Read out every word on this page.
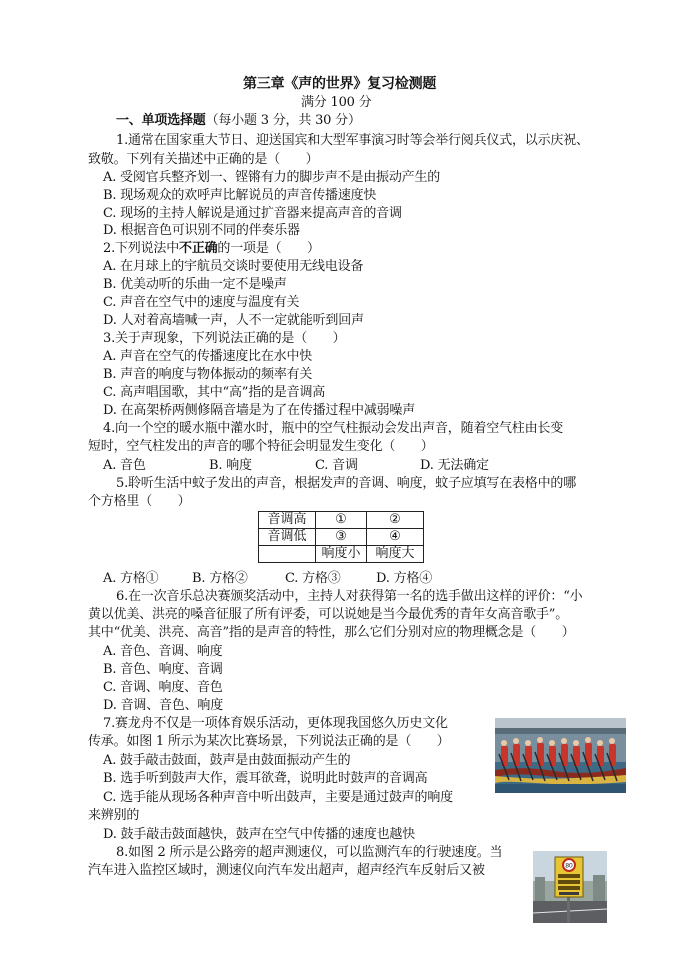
第三章《声的世界》复习检测题
满分 100 分
一、单项选择题（每小题 3 分，共 30 分）
1.通常在国家重大节日、迎送国宾和大型军事演习时等会举行阅兵仪式，以示庆祝、
致敬。下列有关描述中正确的是（　　）
A. 受阅官兵整齐划一、铿锵有力的脚步声不是由振动产生的
B. 现场观众的欢呼声比解说员的声音传播速度快
C. 现场的主持人解说是通过扩音器来提高声音的音调
D. 根据音色可识别不同的伴奏乐器
2.下列说法中不正确的一项是（　　）
A. 在月球上的宇航员交谈时要使用无线电设备
B. 优美动听的乐曲一定不是噪声
C. 声音在空气中的速度与温度有关
D. 人对着高墙喊一声，人不一定就能听到回声
3.关于声现象，下列说法正确的是（　　）
A. 声音在空气的传播速度比在水中快
B. 声音的响度与物体振动的频率有关
C. 高声唱国歌，其中“高”指的是音调高
D. 在高架桥两侧修隔音墙是为了在传播过程中减弱噪声
4.向一个空的暖水瓶中灌水时，瓶中的空气柱振动会发出声音，随着空气柱由长变
短时，空气柱发出的声音的哪个特征会明显发生变化（　　）
A. 音色	B. 响度	C. 音调	D. 无法确定
5.聆听生活中蚊子发出的声音，根据发声的音调、响度，蚊子应填写在表格中的哪
个方格里（　　）
音调高	①	②
音调低	③	④
	响度小	响度大
A. 方格①	B. 方格②	C. 方格③	D. 方格④
6.在一次音乐总决赛颁奖活动中，主持人对获得第一名的选手做出这样的评价：“小
黄以优美、洪亮的嗓音征服了所有评委，可以说她是当今最优秀的青年女高音歌手”。
其中“优美、洪亮、高音”指的是声音的特性，那么它们分别对应的物理概念是（　　）
A. 音色、音调、响度
B. 音色、响度、音调
C. 音调、响度、音色
D. 音调、音色、响度
7.赛龙舟不仅是一项体育娱乐活动，更体现我国悠久历史文化
传承。如图 1 所示为某次比赛场景，下列说法正确的是（　　）
A. 鼓手敲击鼓面，鼓声是由鼓面振动产生的
B. 选手听到鼓声大作，震耳欲聋，说明此时鼓声的音调高
C. 选手能从现场各种声音中听出鼓声，主要是通过鼓声的响度
来辨别的
D. 鼓手敲击鼓面越快，鼓声在空气中传播的速度也越快
8.如图 2 所示是公路旁的超声测速仪，可以监测汽车的行驶速度。当
汽车进入监控区域时，测速仪向汽车发出超声，超声经汽车反射后又被	80
